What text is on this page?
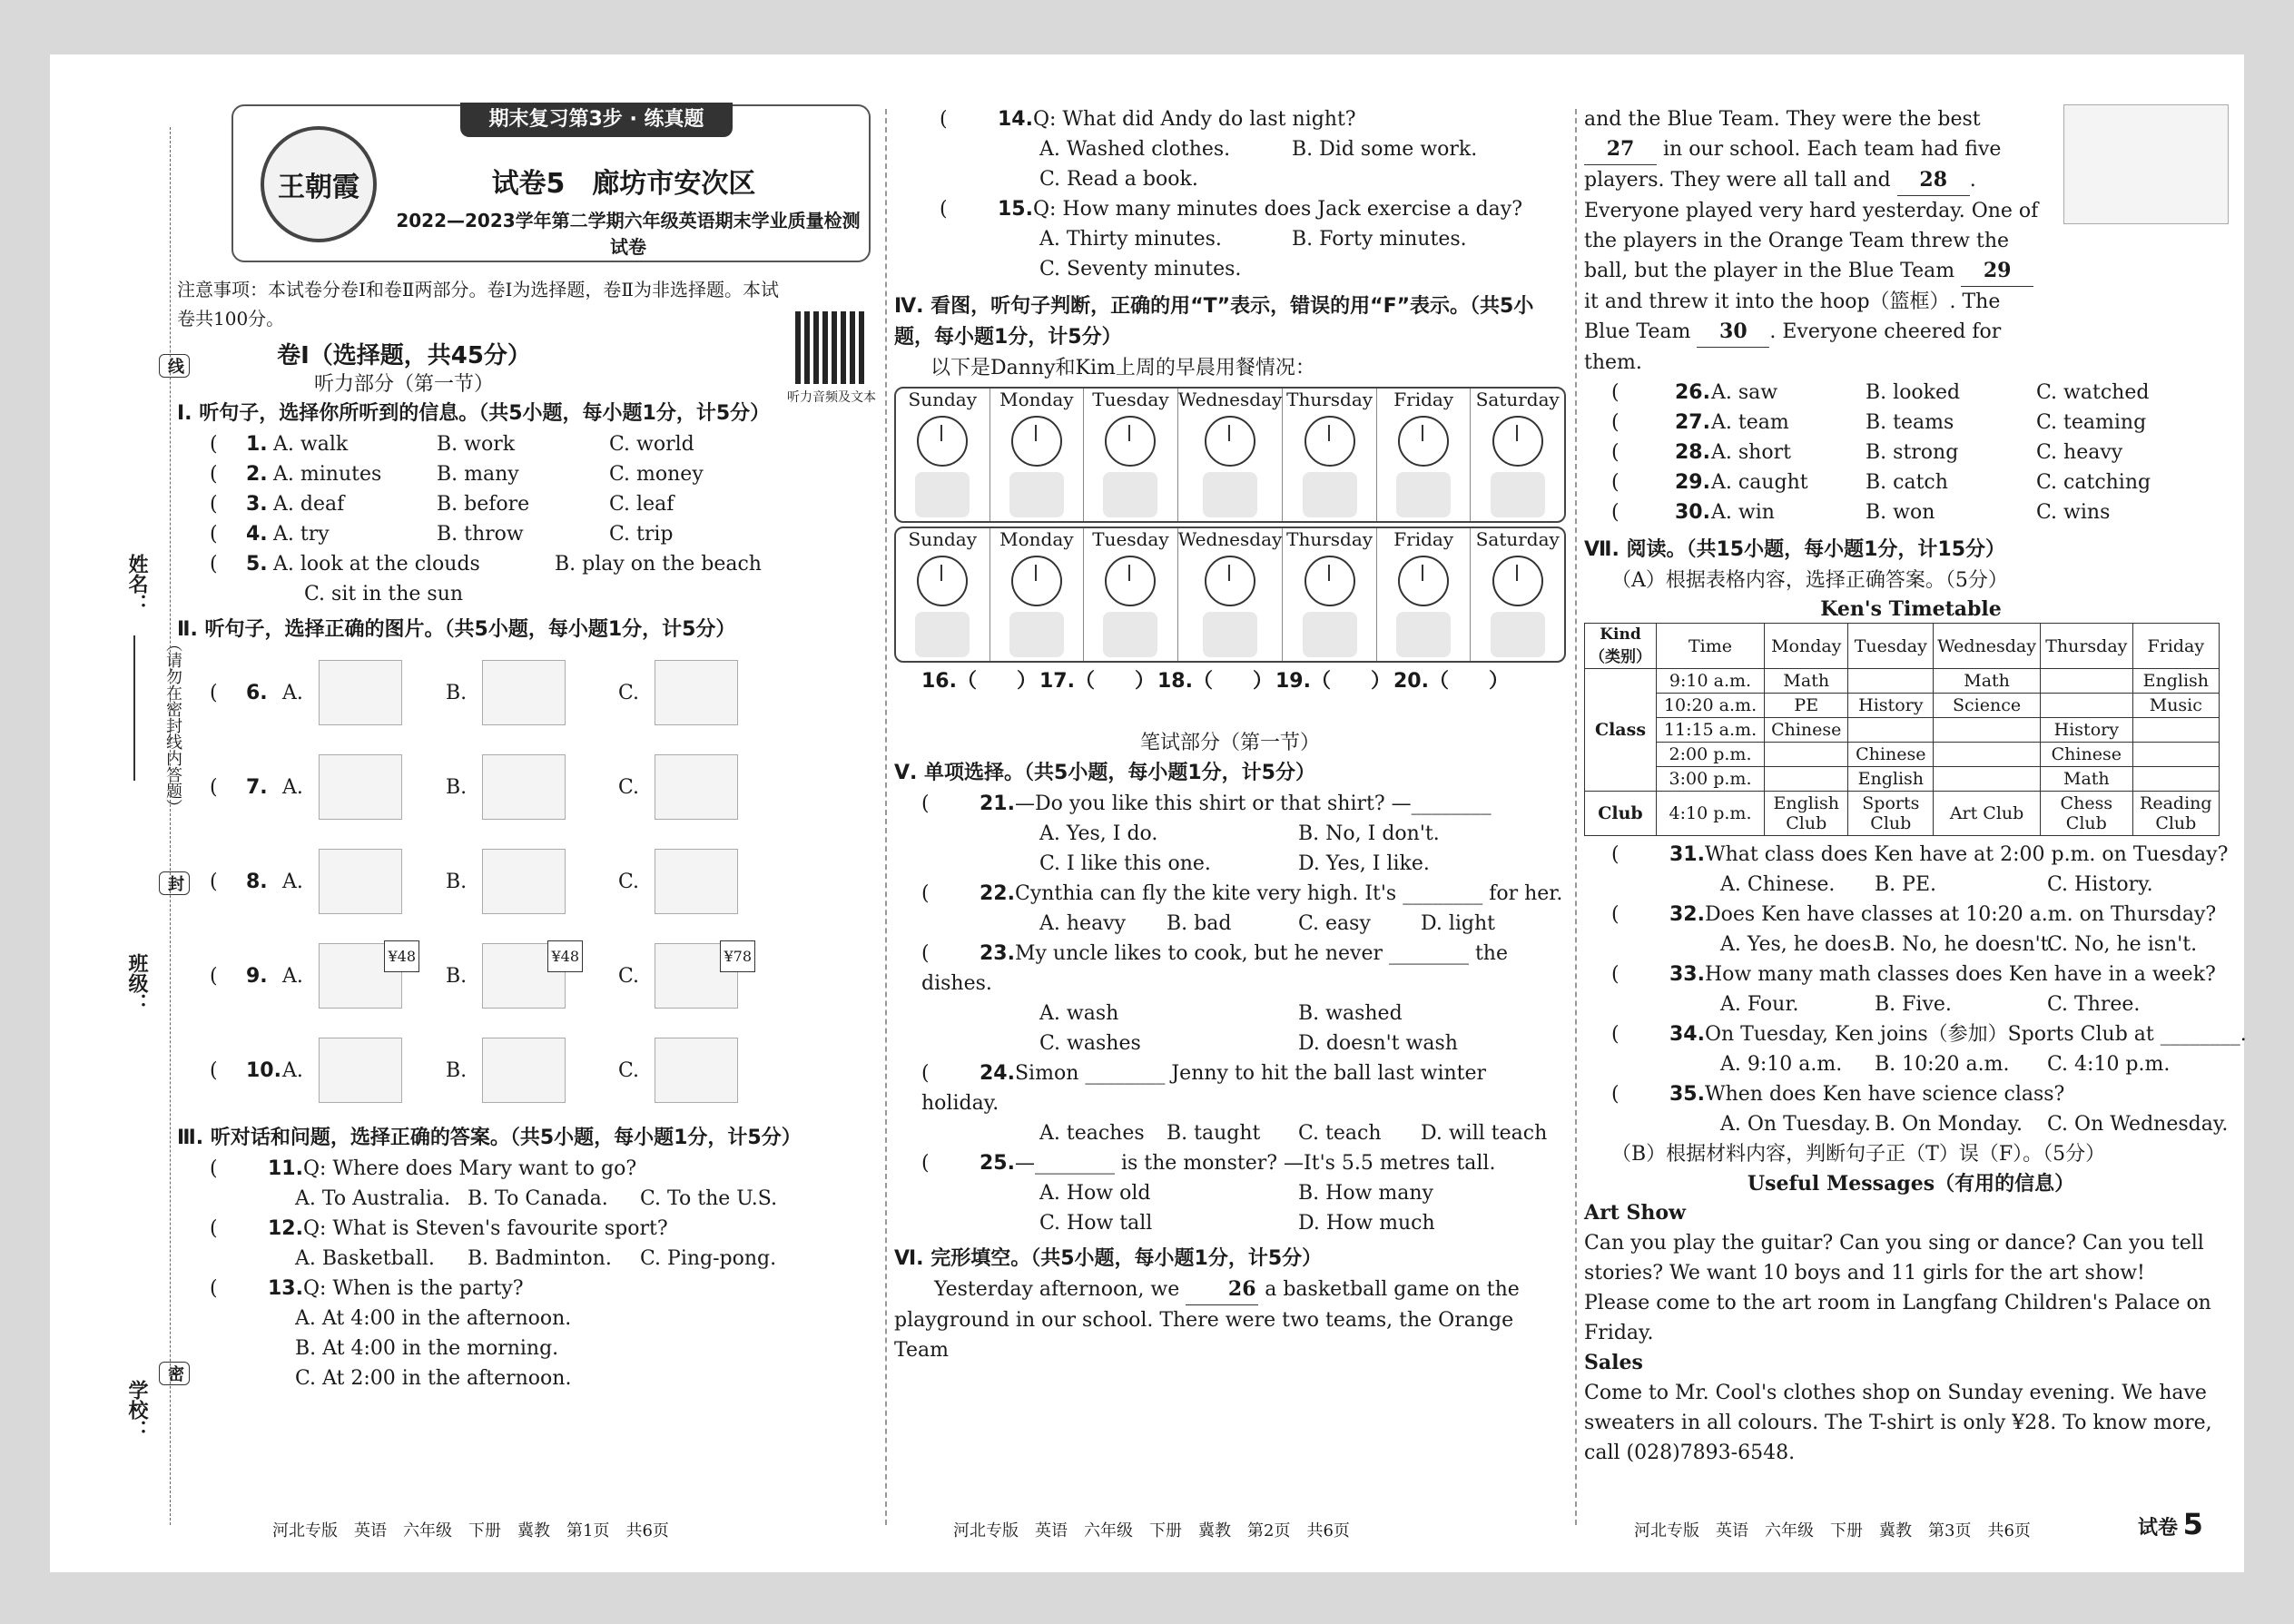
姓名：
班级：
学校：
（请勿在密封线内答题）
线
封
密
期末复习第3步 · 练真题
王朝霞	试卷5　廊坊市安次区
2022—2023学年第二学期六年级英语期末学业质量检测试卷
注意事项：本试卷分卷Ⅰ和卷Ⅱ两部分。卷Ⅰ为选择题，卷Ⅱ为非选择题。本试卷共100分。
听力音频及文本
卷Ⅰ（选择题，共45分）
听力部分（第一节）
Ⅰ. 听句子，选择你所听到的信息。（共5小题，每小题1分，计5分）
(	1. A. walk	B. work	C. world
(	2. A. minutes	B. many	C. money
(	3. A. deaf	B. before	C. leaf
(	4. A. try	B. throw	C. trip
(	5. A. look at the clouds	B. play on the beach
C. sit in the sun
Ⅱ. 听句子，选择正确的图片。（共5小题，每小题1分，计5分）
(	6. A.	B.	C.
(	7. A.	B.	C.
(	8. A.	B.	C.
(	9. A.
¥48
B.
¥48
C.
¥78
(	10. A.	B.	C.
Ⅲ. 听对话和问题，选择正确的答案。（共5小题，每小题1分，计5分）
(	11.Q: Where does Mary want to go?
A. To Australia. B. To Canada.	C. To the U.S.
(	12.Q: What is Steven's favourite sport?
A. Basketball.	B. Badminton.	C. Ping-pong.
(	13.Q: When is the party?
A. At 4:00 in the afternoon.
B. At 4:00 in the morning.
C. At 2:00 in the afternoon.
(	14.Q: What did Andy do last night?
A. Washed clothes.	B. Did some work.
C. Read a book.
(	15.Q: How many minutes does Jack exercise a day?
A. Thirty minutes.	B. Forty minutes.
C. Seventy minutes.
Ⅳ. 看图，听句子判断，正确的用“T”表示，错误的用“F”表示。（共5小题，每小题1分，计5分）
以下是Danny和Kim上周的早晨用餐情况：
Sunday	Monday	Tuesday Wednesday Thursday	Friday	Saturday
Sunday	Monday	Tuesday Wednesday Thursday	Friday	Saturday
16.（　　） 17.（　　） 18.（　　） 19.（　　） 20.（　　）
笔试部分（第一节）
Ⅴ. 单项选择。（共5小题，每小题1分，计5分）
(	21.—Do you like this shirt or that shirt? —________
A. Yes, I do.	B. No, I don't.
C. I like this one.	D. Yes, I like.
(	22.Cynthia can fly the kite very high. It's ________ for her.
A. heavy	B. bad	C. easy	D. light
(	23.My uncle likes to cook, but he never ________ the dishes.
A. wash	B. washed
C. washes	D. doesn't wash
(	24.Simon ________ Jenny to hit the ball last winter holiday.
A. teaches	B. taught	C. teach	D. will teach
(	25.—________ is the monster? —It's 5.5 metres tall.
A. How old	B. How many
C. How tall	D. How much
Ⅵ. 完形填空。（共5小题，每小题1分，计5分）
Yesterday afternoon, we 26 a basketball game on the playground in our school. There were two teams, the Orange Team
and the Blue Team. They were the best 27 in our school. Each team had five players. They were all tall and 28 . Everyone played very hard yesterday. One of the players in the Orange Team threw the ball, but the player in the Blue Team 29 it and threw it into the hoop（篮框）. The Blue Team 30 . Everyone cheered for them.
(	26. A. saw	B. looked	C. watched
(	27. A. team	B. teams	C. teaming
(	28. A. short	B. strong	C. heavy
(	29. A. caught	B. catch	C. catching
(	30. A. win	B. won	C. wins
Ⅶ. 阅读。（共15小题，每小题1分，计15分）
（A）根据表格内容，选择正确答案。（5分）
Ken's Timetable
Kind（类别）	Time	Monday	Tuesday	Wednesday	Thursday	Friday
Class	9:10 a.m.	Math		Math		English
	10:20 a.m.	PE	History	Science		Music
	11:15 a.m.	Chinese			History	
	2:00 p.m.		Chinese		Chinese	
	3:00 p.m.		English		Math	
Club	4:10 p.m.	English Club	Sports Club	Art Club	Chess Club	Reading Club
(	31.What class does Ken have at 2:00 p.m. on Tuesday?
A. Chinese.	B. PE.	C. History.
(	32.Does Ken have classes at 10:20 a.m. on Thursday?
A. Yes, he does.
B. No, he doesn't.
C. No, he isn't.
(	33.How many math classes does Ken have in a week?
A. Four.	B. Five.	C. Three.
(	34.On Tuesday, Ken joins（参加）Sports Club at ________.
A. 9:10 a.m.	B. 10:20 a.m.	C. 4:10 p.m.
(	35.When does Ken have science class?
A. On Tuesday. B. On Monday.	C. On Wednesday.
（B）根据材料内容，判断句子正（T）误（F）。（5分）
Useful Messages（有用的信息）
Art Show
Can you play the guitar? Can you sing or dance? Can you tell stories? We want 10 boys and 11 girls for the art show!
Please come to the art room in Langfang Children's Palace on Friday.
Sales
Come to Mr. Cool's clothes shop on Sunday evening. We have sweaters in all colours. The T-shirt is only ¥28. To know more, call (028)7893-6548.
河北专版　英语　六年级　下册　冀教　第1页　共6页	河北专版　英语　六年级　下册　冀教　第2页　共6页	河北专版　英语　六年级　下册　冀教　第3页　共6页	试卷 5
